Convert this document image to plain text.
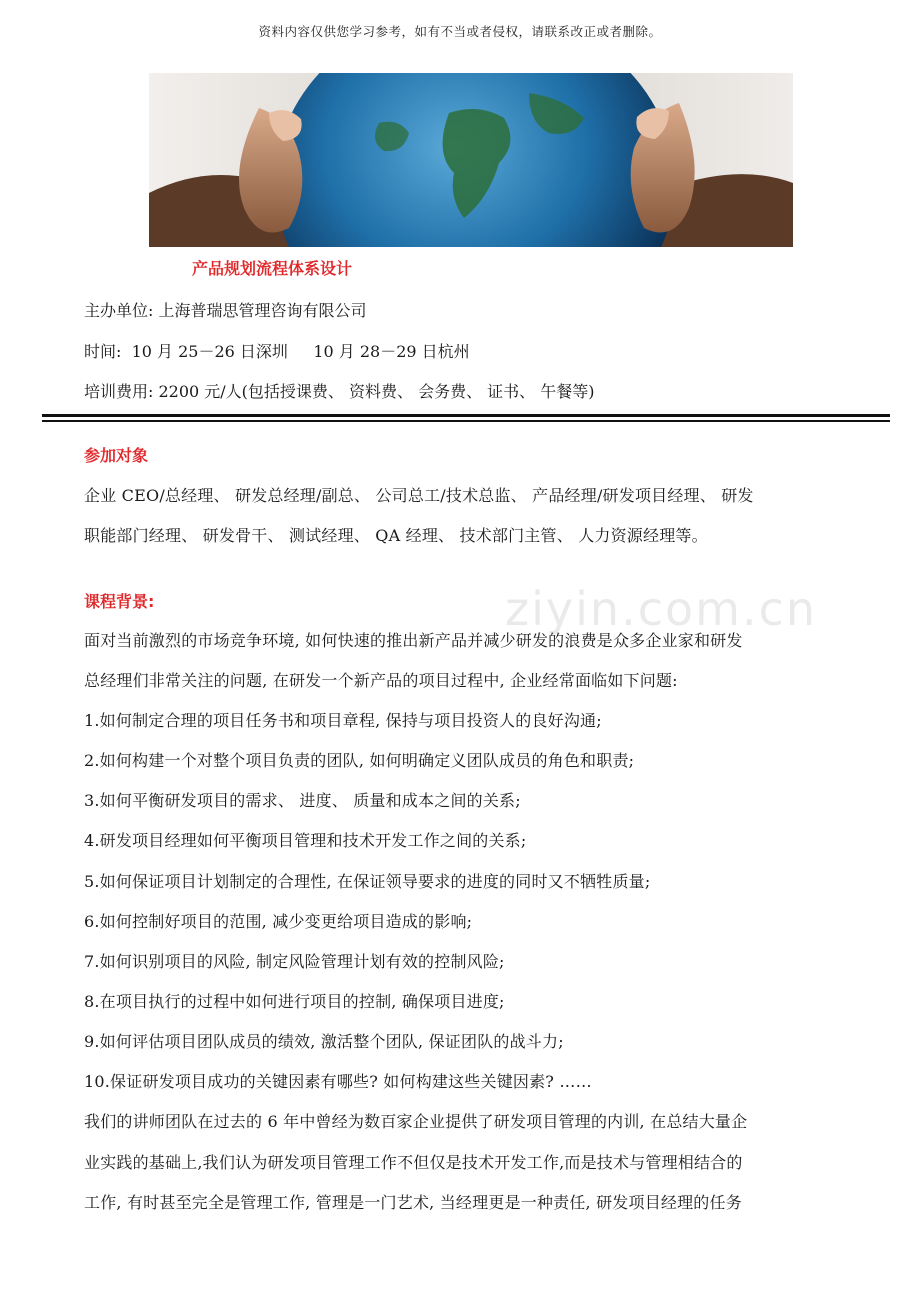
资料内容仅供您学习参考，如有不当或者侵权，请联系改正或者删除。
产品规划流程体系设计
主办单位: 上海普瑞思管理咨询有限公司
时间:  10 月 25－26 日深圳     10 月 28－29 日杭州
培训费用: 2200 元/人(包括授课费、 资料费、 会务费、 证书、 午餐等)
参加对象
企业 CEO/总经理、 研发总经理/副总、 公司总工/技术总监、 产品经理/研发项目经理、 研发
职能部门经理、 研发骨干、 测试经理、 QA 经理、 技术部门主管、 人力资源经理等。
ziyin.com.cn
课程背景:
面对当前激烈的市场竞争环境, 如何快速的推出新产品并减少研发的浪费是众多企业家和研发
总经理们非常关注的问题, 在研发一个新产品的项目过程中, 企业经常面临如下问题:
1.如何制定合理的项目任务书和项目章程, 保持与项目投资人的良好沟通;
2.如何构建一个对整个项目负责的团队, 如何明确定义团队成员的角色和职责;
3.如何平衡研发项目的需求、 进度、 质量和成本之间的关系;
4.研发项目经理如何平衡项目管理和技术开发工作之间的关系;
5.如何保证项目计划制定的合理性, 在保证领导要求的进度的同时又不牺牲质量;
6.如何控制好项目的范围, 减少变更给项目造成的影响;
7.如何识别项目的风险, 制定风险管理计划有效的控制风险;
8.在项目执行的过程中如何进行项目的控制, 确保项目进度;
9.如何评估项目团队成员的绩效, 激活整个团队, 保证团队的战斗力;
10.保证研发项目成功的关键因素有哪些? 如何构建这些关键因素? ……
我们的讲师团队在过去的 6 年中曾经为数百家企业提供了研发项目管理的内训, 在总结大量企
业实践的基础上,我们认为研发项目管理工作不但仅是技术开发工作,而是技术与管理相结合的
工作, 有时甚至完全是管理工作, 管理是一门艺术, 当经理更是一种责任, 研发项目经理的任务
